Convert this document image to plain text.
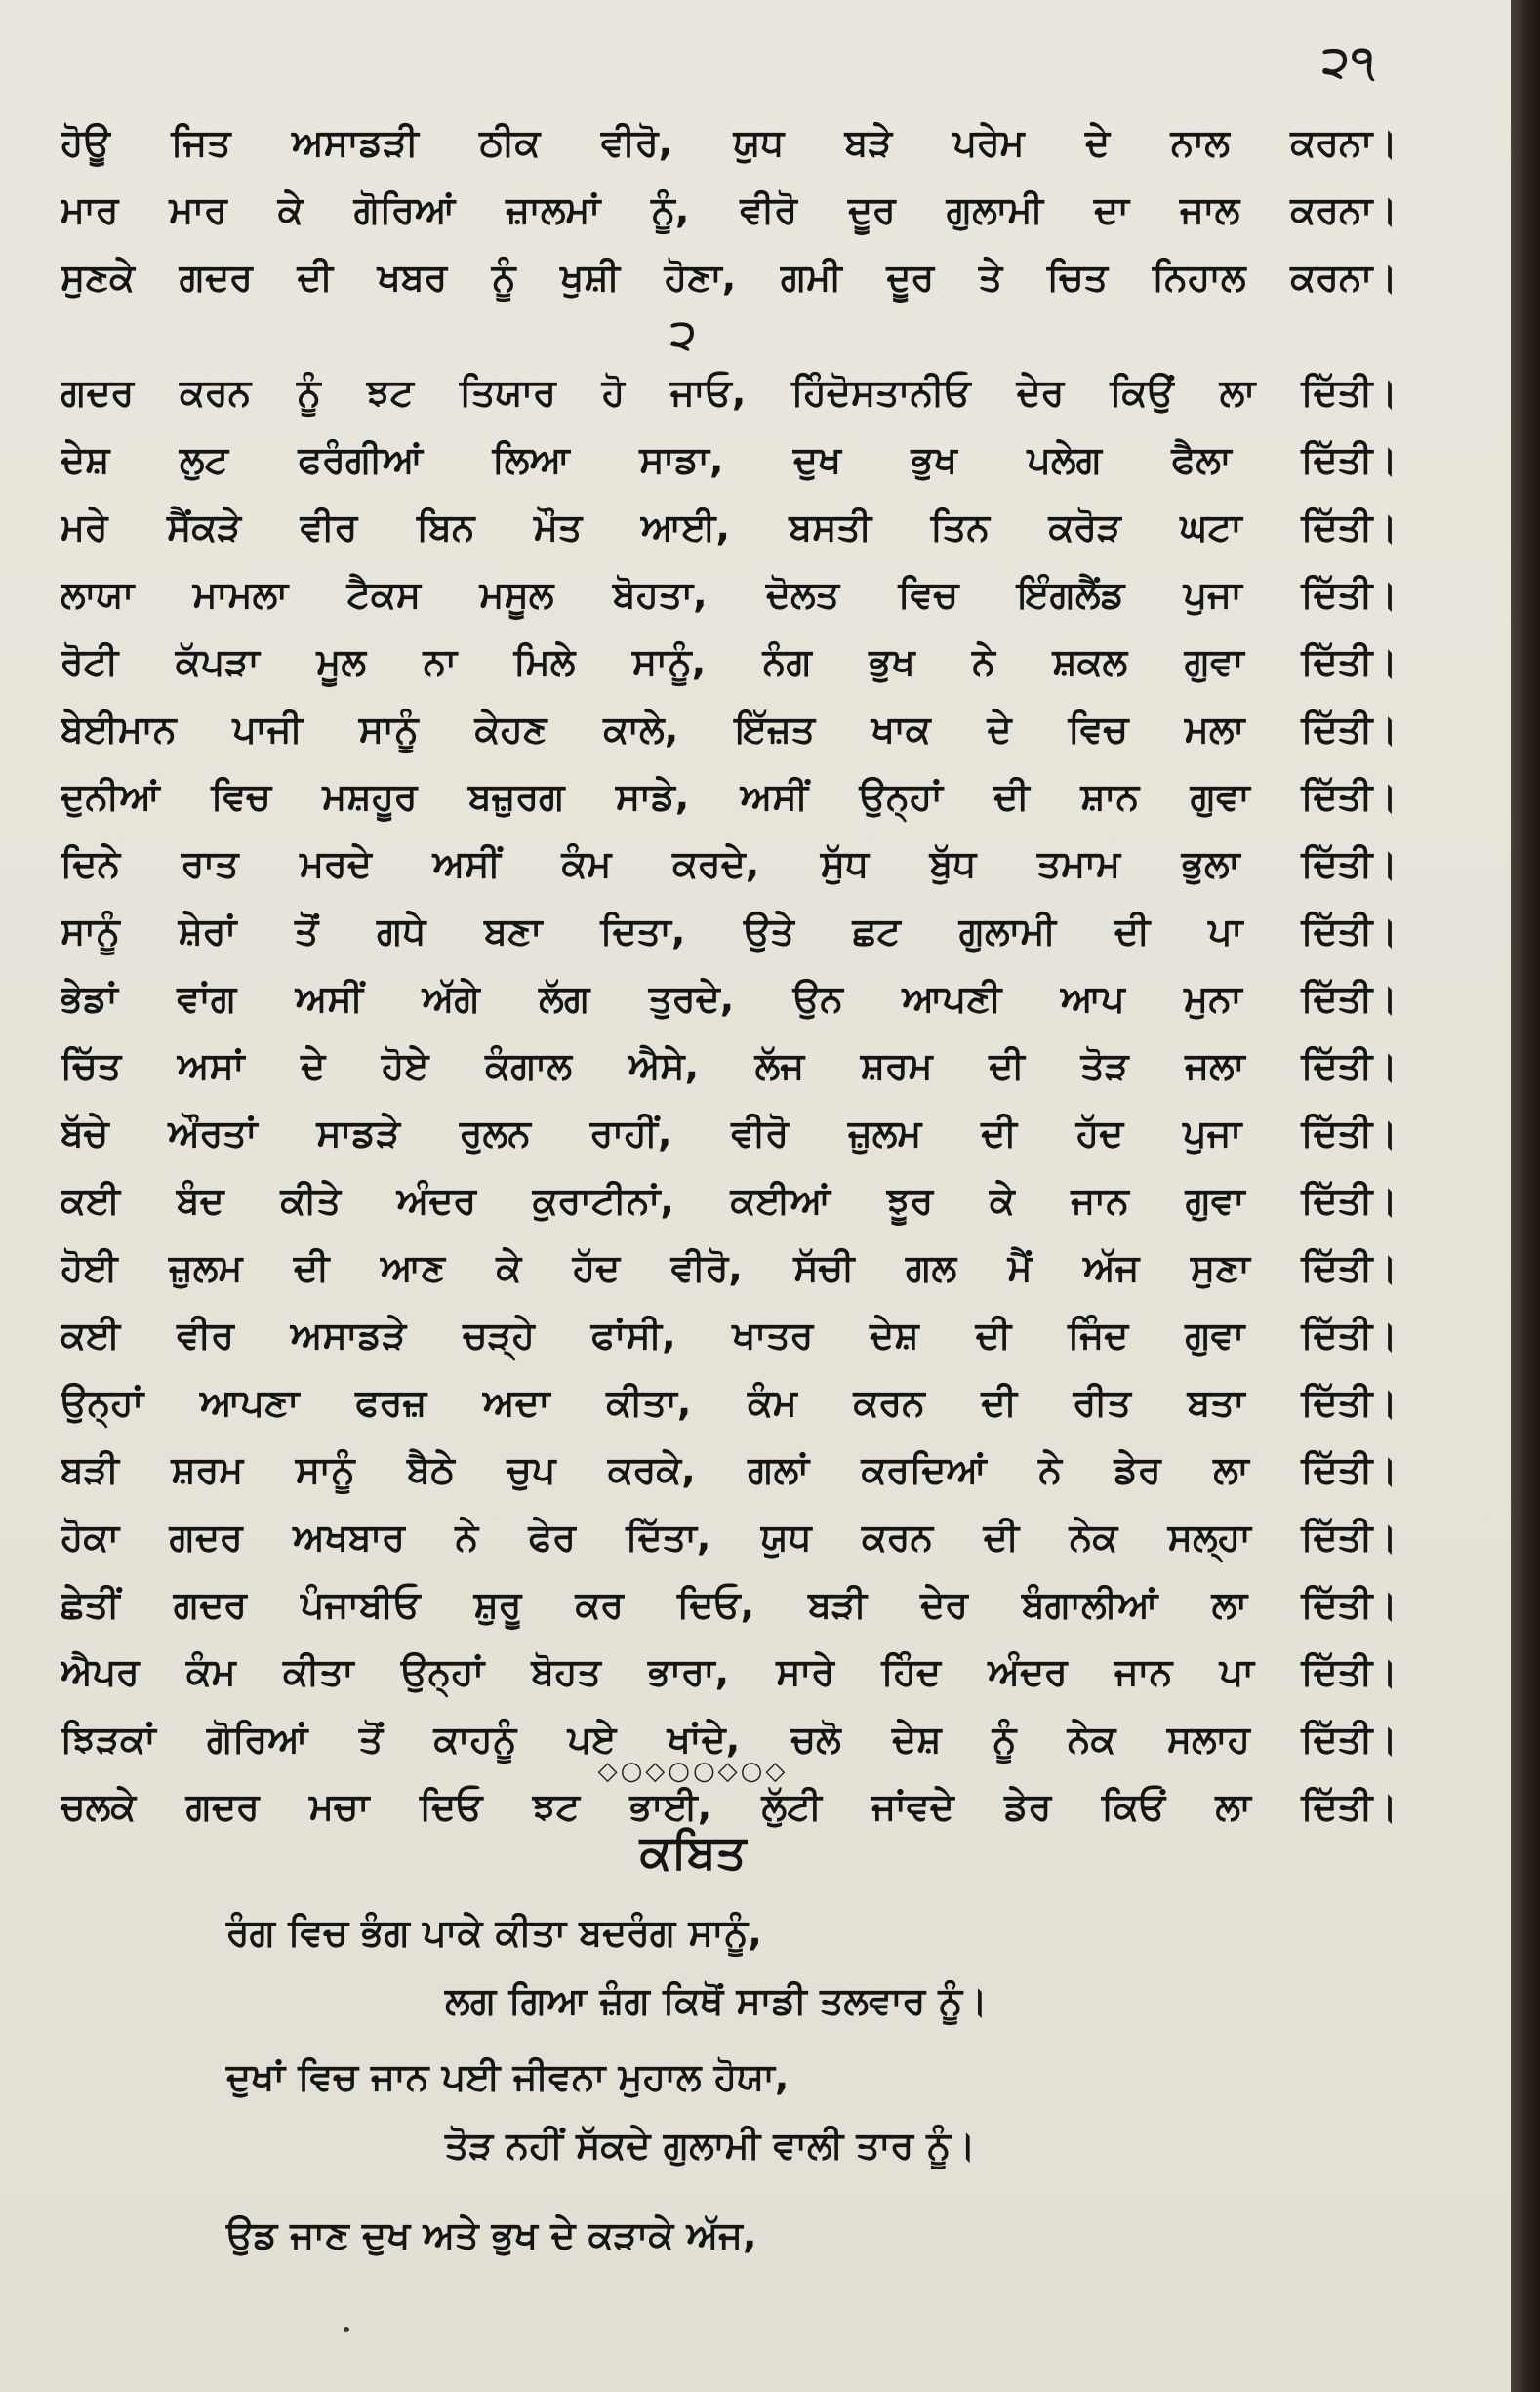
੨੧
ਹੋਊ ਜਿਤ ਅਸਾਡੜੀ ਠੀਕ ਵੀਰੋ, ਯੁਧ ਬੜੇ ਪਰੇਮ ਦੇ ਨਾਲ ਕਰਨਾ।
ਮਾਰ ਮਾਰ ਕੇ ਗੋਰਿਆਂ ਜ਼ਾਲਮਾਂ ਨੂੰ, ਵੀਰੋ ਦੂਰ ਗੁਲਾਮੀ ਦਾ ਜਾਲ ਕਰਨਾ।
ਸੁਣਕੇ ਗਦਰ ਦੀ ਖਬਰ ਨੂੰ ਖੁਸ਼ੀ ਹੋਣਾ, ਗਮੀ ਦੂਰ ਤੇ ਚਿਤ ਨਿਹਾਲ ਕਰਨਾ।
੨
ਗਦਰ ਕਰਨ ਨੂੰ ਝਟ ਤਿਯਾਰ ਹੋ ਜਾਓ, ਹਿੰਦੋਸਤਾਨੀਓ ਦੇਰ ਕਿਉਂ ਲਾ ਦਿੱਤੀ।
ਦੇਸ਼ ਲੁਟ ਫਰੰਗੀਆਂ ਲਿਆ ਸਾਡਾ, ਦੁਖ ਭੁਖ ਪਲੇਗ ਫੈਲਾ ਦਿੱਤੀ।
ਮਰੇ ਸੈਂਕੜੇ ਵੀਰ ਬਿਨ ਮੌਤ ਆਈ, ਬਸਤੀ ਤਿਨ ਕਰੋੜ ਘਟਾ ਦਿੱਤੀ।
ਲਾਯਾ ਮਾਮਲਾ ਟੈਕਸ ਮਸੂਲ ਬੋਹਤਾ, ਦੋਲਤ ਵਿਚ ਇੰਗਲੈਂਡ ਪੁਜਾ ਦਿੱਤੀ।
ਰੋਟੀ ਕੱਪੜਾ ਮੂਲ ਨਾ ਮਿਲੇ ਸਾਨੂੰ, ਨੰਗ ਭੁਖ ਨੇ ਸ਼ਕਲ ਗੁਵਾ ਦਿੱਤੀ।
ਬੇਈਮਾਨ ਪਾਜੀ ਸਾਨੂੰ ਕੇਹਣ ਕਾਲੇ, ਇੱਜ਼ਤ ਖਾਕ ਦੇ ਵਿਚ ਮਲਾ ਦਿੱਤੀ।
ਦੁਨੀਆਂ ਵਿਚ ਮਸ਼ਹੂਰ ਬਜ਼ੁਰਗ ਸਾਡੇ, ਅਸੀਂ ਉਨ੍ਹਾਂ ਦੀ ਸ਼ਾਨ ਗੁਵਾ ਦਿੱਤੀ।
ਦਿਨੇ ਰਾਤ ਮਰਦੇ ਅਸੀਂ ਕੰਮ ਕਰਦੇ, ਸੁੱਧ ਬੁੱਧ ਤਮਾਮ ਭੁਲਾ ਦਿੱਤੀ।
ਸਾਨੂੰ ਸ਼ੇਰਾਂ ਤੋਂ ਗਧੇ ਬਣਾ ਦਿਤਾ, ਉਤੇ ਛਟ ਗੁਲਾਮੀ ਦੀ ਪਾ ਦਿੱਤੀ।
ਭੇਡਾਂ ਵਾਂਗ ਅਸੀਂ ਅੱਗੇ ਲੱਗ ਤੁਰਦੇ, ਉਨ ਆਪਣੀ ਆਪ ਮੁਨਾ ਦਿੱਤੀ।
ਚਿੱਤ ਅਸਾਂ ਦੇ ਹੋਏ ਕੰਗਾਲ ਐਸੇ, ਲੱਜ ਸ਼ਰਮ ਦੀ ਤੋੜ ਜਲਾ ਦਿੱਤੀ।
ਬੱਚੇ ਔਰਤਾਂ ਸਾਡੜੇ ਰੁਲਨ ਰਾਹੀਂ, ਵੀਰੋ ਜ਼ੁਲਮ ਦੀ ਹੱਦ ਪੁਜਾ ਦਿੱਤੀ।
ਕਈ ਬੰਦ ਕੀਤੇ ਅੰਦਰ ਕੁਰਾਟੀਨਾਂ, ਕਈਆਂ ਝੂਰ ਕੇ ਜਾਨ ਗੁਵਾ ਦਿੱਤੀ।
ਹੋਈ ਜ਼ੁਲਮ ਦੀ ਆਣ ਕੇ ਹੱਦ ਵੀਰੋ, ਸੱਚੀ ਗਲ ਮੈਂ ਅੱਜ ਸੁਣਾ ਦਿੱਤੀ।
ਕਈ ਵੀਰ ਅਸਾਡੜੇ ਚੜ੍ਹੇ ਫਾਂਸੀ, ਖਾਤਰ ਦੇਸ਼ ਦੀ ਜਿੰਦ ਗੁਵਾ ਦਿੱਤੀ।
ਉਨ੍ਹਾਂ ਆਪਣਾ ਫਰਜ਼ ਅਦਾ ਕੀਤਾ, ਕੰਮ ਕਰਨ ਦੀ ਰੀਤ ਬਤਾ ਦਿੱਤੀ।
ਬੜੀ ਸ਼ਰਮ ਸਾਨੂੰ ਬੈਠੇ ਚੁਪ ਕਰਕੇ, ਗਲਾਂ ਕਰਦਿਆਂ ਨੇ ਡੇਰ ਲਾ ਦਿੱਤੀ।
ਹੋਕਾ ਗਦਰ ਅਖਬਾਰ ਨੇ ਫੇਰ ਦਿੱਤਾ, ਯੁਧ ਕਰਨ ਦੀ ਨੇਕ ਸਲ੍ਹਾ ਦਿੱਤੀ।
ਛੇਤੀਂ ਗਦਰ ਪੰਜਾਬੀਓ ਸ਼ੁਰੂ ਕਰ ਦਿਓ, ਬੜੀ ਦੇਰ ਬੰਗਾਲੀਆਂ ਲਾ ਦਿੱਤੀ।
ਐਪਰ ਕੰਮ ਕੀਤਾ ਉਨ੍ਹਾਂ ਬੋਹਤ ਭਾਰਾ, ਸਾਰੇ ਹਿੰਦ ਅੰਦਰ ਜਾਨ ਪਾ ਦਿੱਤੀ।
ਝਿੜਕਾਂ ਗੋਰਿਆਂ ਤੋਂ ਕਾਹਨੂੰ ਪਏ ਖਾਂਦੇ, ਚਲੋ ਦੇਸ਼ ਨੂੰ ਨੇਕ ਸਲਾਹ ਦਿੱਤੀ।
ਚਲਕੇ ਗਦਰ ਮਚਾ ਦਿਓ ਝਟ ਭਾਈ, ਲੁੱਟੀ ਜਾਂਵਦੇ ਡੇਰ ਕਿਓਂ ਲਾ ਦਿੱਤੀ।
◇○◇○○◇○◇
ਕਬਿਤ
ਰੰਗ ਵਿਚ ਭੰਗ ਪਾਕੇ ਕੀਤਾ ਬਦਰੰਗ ਸਾਨੂੰ,
ਲਗ ਗਿਆ ਜ਼ੰਗ ਕਿਥੋਂ ਸਾਡੀ ਤਲਵਾਰ ਨੂੰ।
ਦੁਖਾਂ ਵਿਚ ਜਾਨ ਪਈ ਜੀਵਨਾ ਮੁਹਾਲ ਹੋਯਾ,
ਤੋੜ ਨਹੀਂ ਸੱਕਦੇ ਗੁਲਾਮੀ ਵਾਲੀ ਤਾਰ ਨੂੰ।
ਉਡ ਜਾਣ ਦੁਖ ਅਤੇ ਭੁਖ ਦੇ ਕੜਾਕੇ ਅੱਜ,
